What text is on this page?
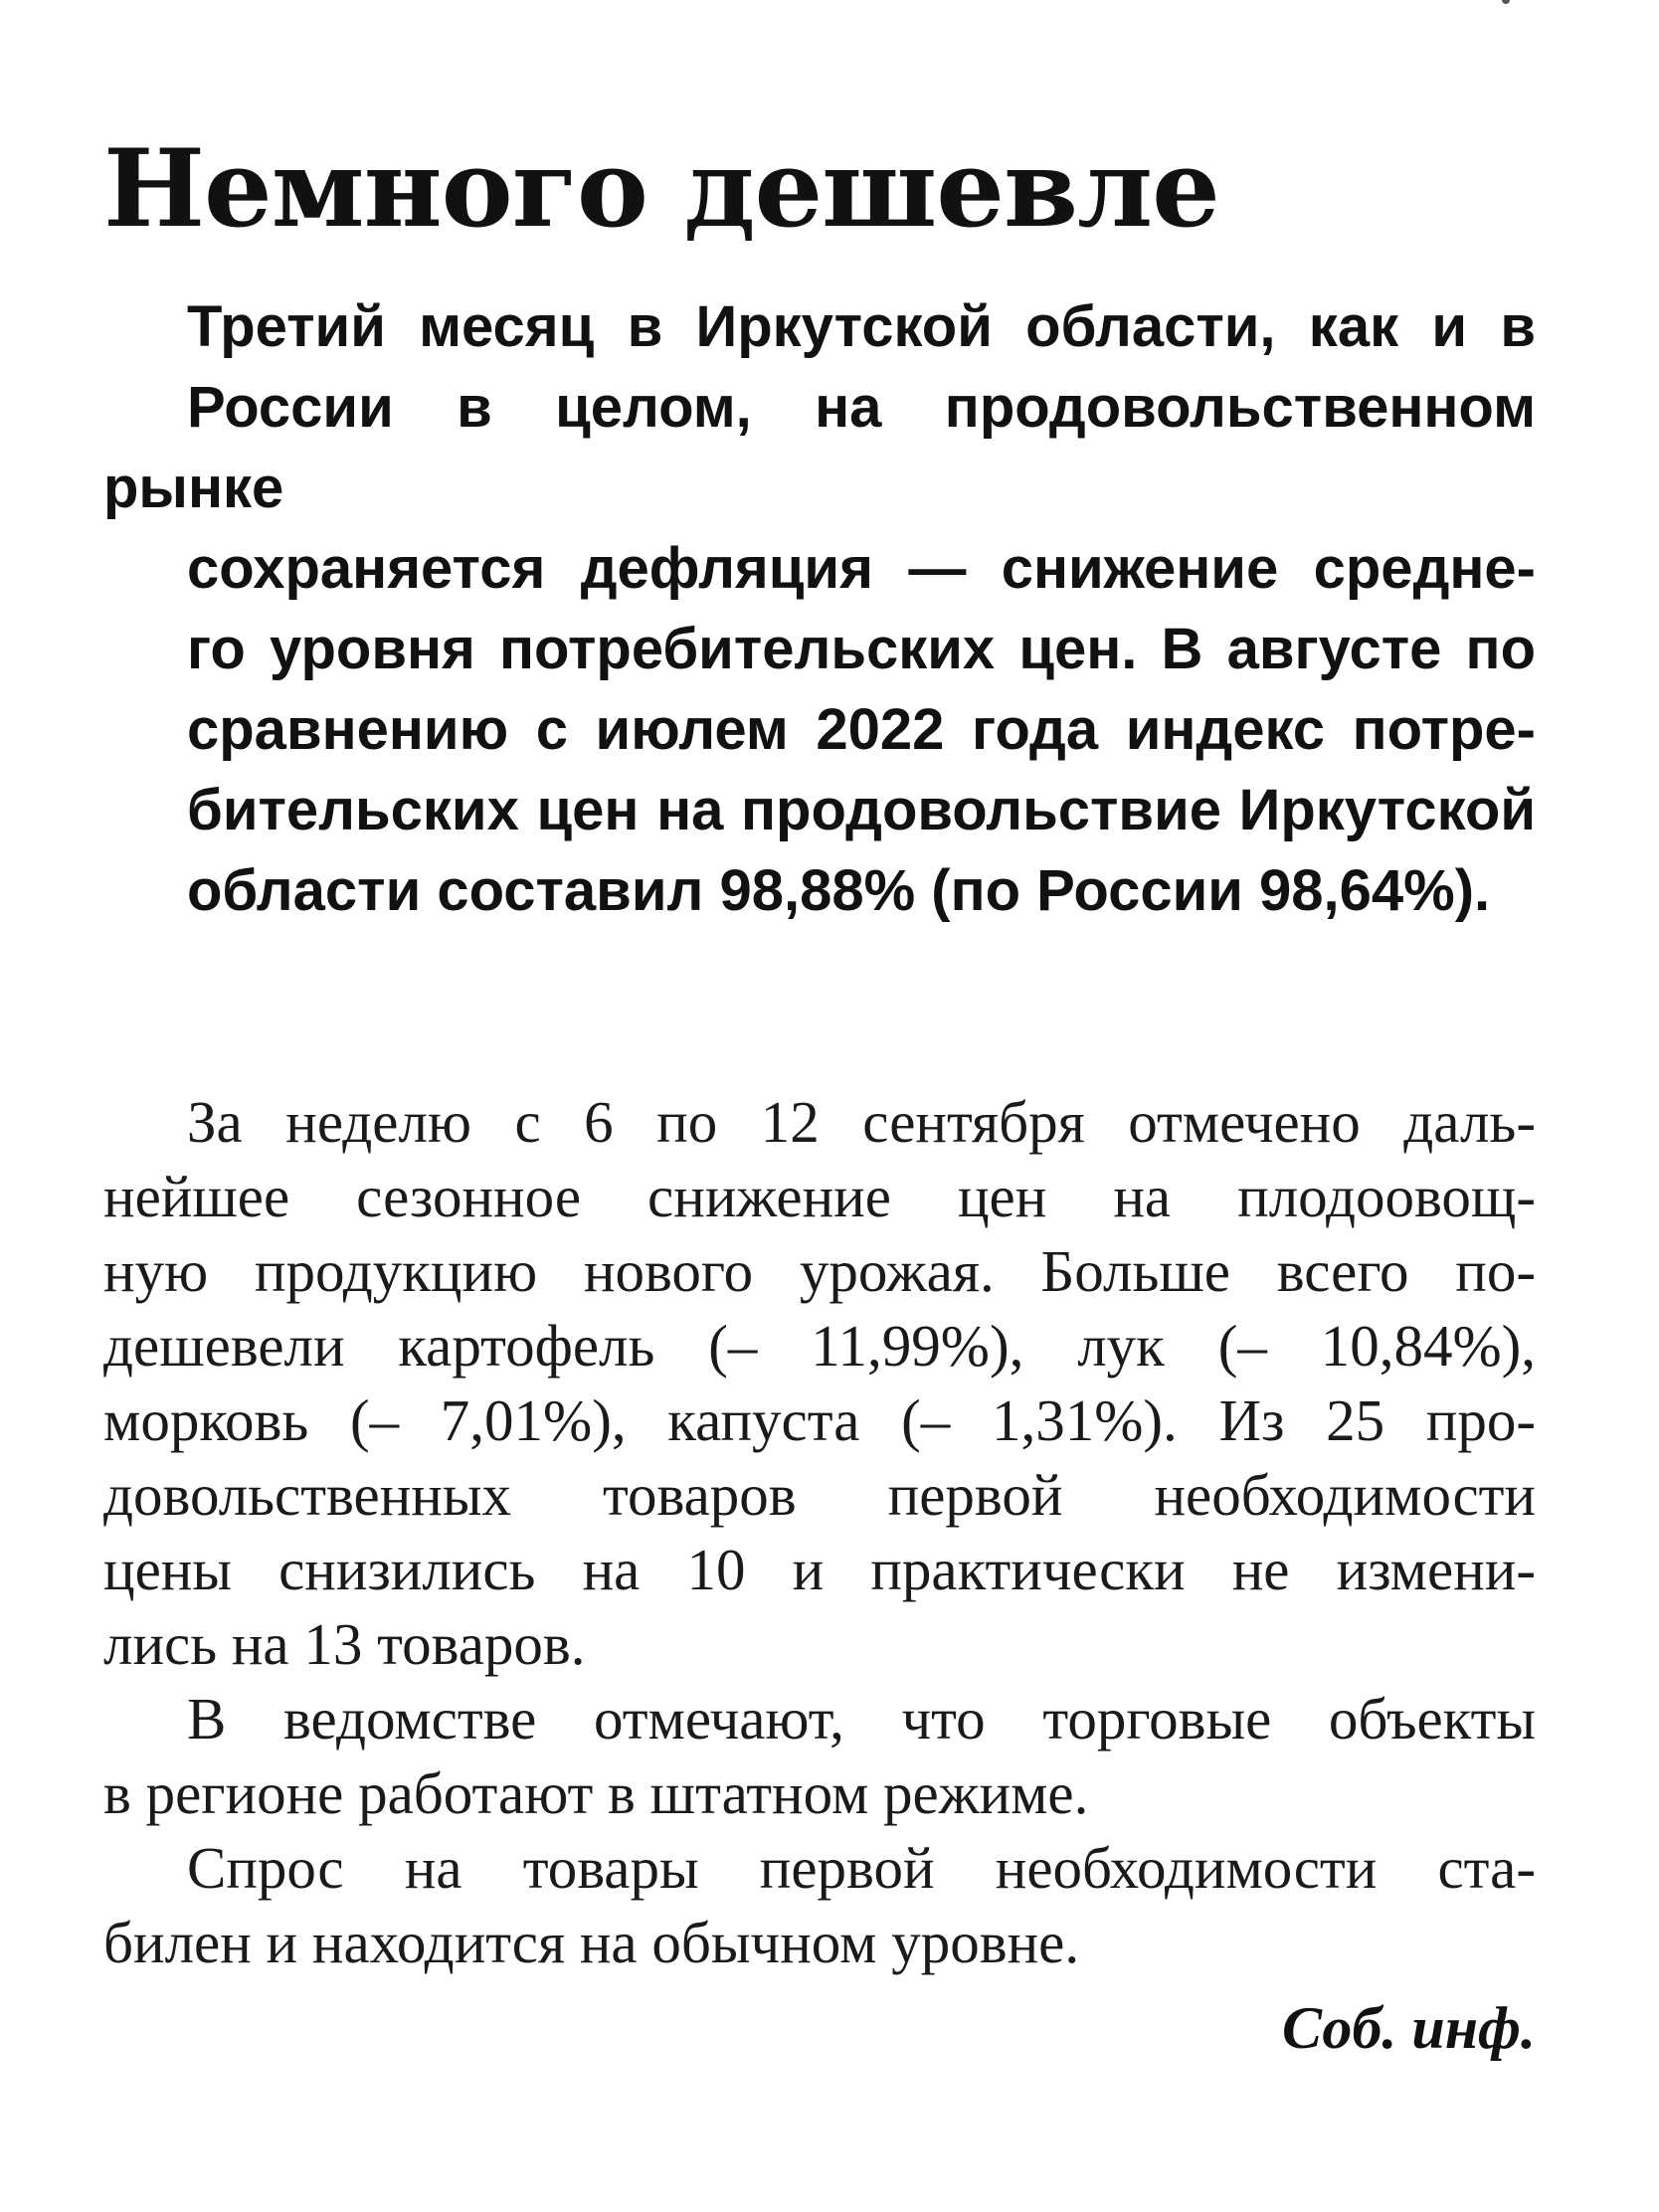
Немного дешевле
Третий месяц в Иркутской области, как и в
России в целом, на продовольственном рынке
сохраняется дефляция — снижение средне-
го уровня потребительских цен. В августе по
сравнению с июлем 2022 года индекс потре-
бительских цен на продовольствие Иркутской
области составил 98,88% (по России 98,64%).

За неделю с 6 по 12 сентября отмечено даль-
нейшее сезонное снижение цен на плодоовощ-
ную продукцию нового урожая. Больше всего по-
дешевели картофель (– 11,99%), лук (– 10,84%),
морковь (– 7,01%), капуста (– 1,31%). Из 25 про-
довольственных товаров первой необходимости
цены снизились на 10 и практически не измени-
лись на 13 товаров.

В ведомстве отмечают, что торговые объекты
в регионе работают в штатном режиме.

Спрос на товары первой необходимости ста-
билен и находится на обычном уровне.

Соб. инф.
